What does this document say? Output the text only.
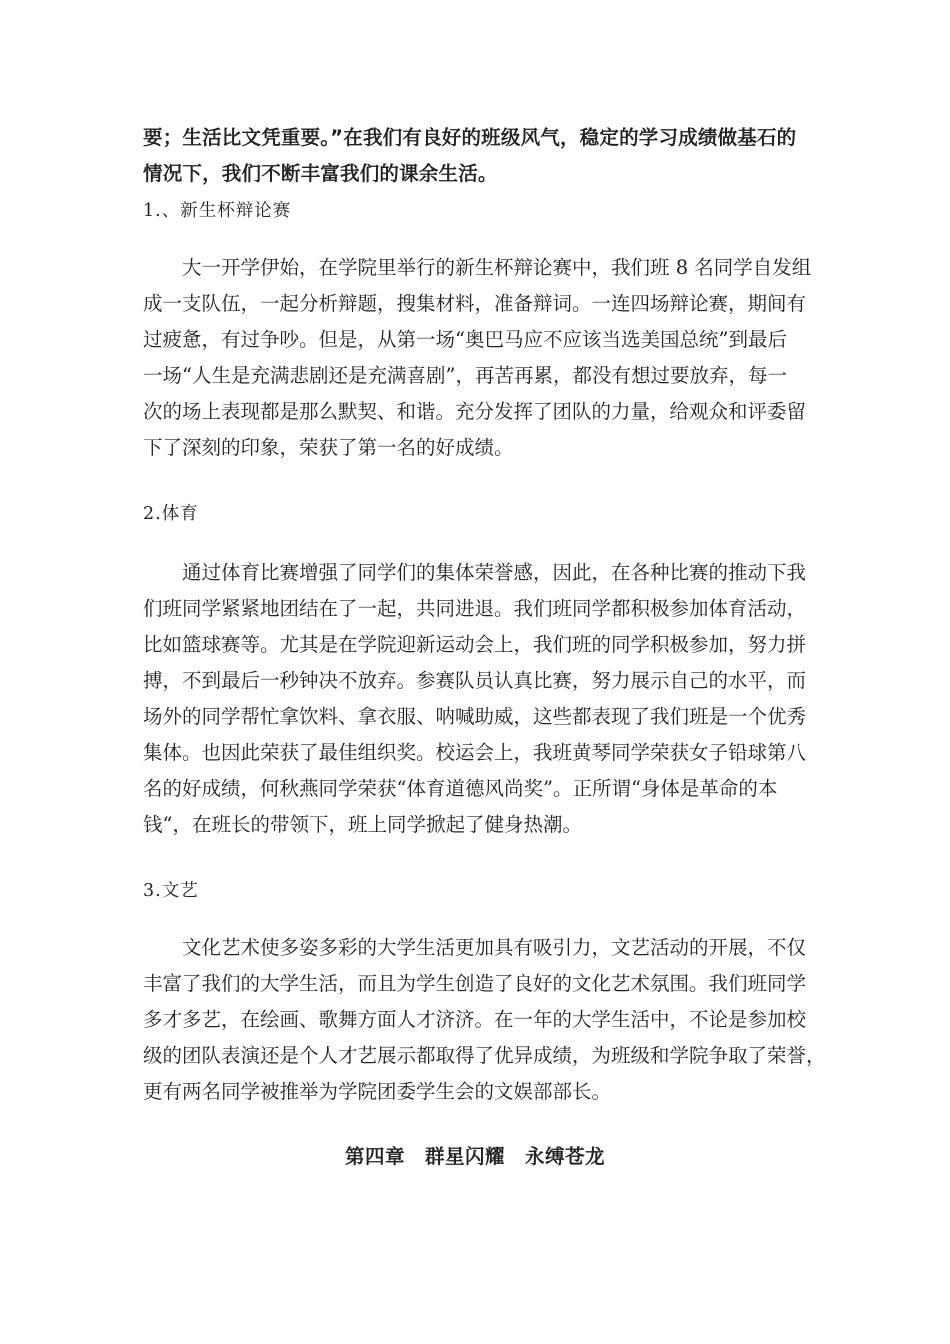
要；生活比文凭重要。”在我们有良好的班级风气，稳定的学习成绩做基石的
情况下，我们不断丰富我们的课余生活。
1.、新生杯辩论赛
大一开学伊始，在学院里举行的新生杯辩论赛中，我们班 8 名同学自发组
成一支队伍，一起分析辩题，搜集材料，准备辩词。一连四场辩论赛，期间有
过疲惫，有过争吵。但是，从第一场“奥巴马应不应该当选美国总统”到最后
一场“人生是充满悲剧还是充满喜剧”，再苦再累，都没有想过要放弃，每一
次的场上表现都是那么默契、和谐。充分发挥了团队的力量，给观众和评委留
下了深刻的印象，荣获了第一名的好成绩。
2.体育
通过体育比赛增强了同学们的集体荣誉感，因此，在各种比赛的推动下我
们班同学紧紧地团结在了一起，共同进退。我们班同学都积极参加体育活动，
比如篮球赛等。尤其是在学院迎新运动会上，我们班的同学积极参加，努力拼
搏，不到最后一秒钟决不放弃。参赛队员认真比赛，努力展示自己的水平，而
场外的同学帮忙拿饮料、拿衣服、呐喊助威，这些都表现了我们班是一个优秀
集体。也因此荣获了最佳组织奖。校运会上，我班黄琴同学荣获女子铅球第八
名的好成绩，何秋燕同学荣获“体育道德风尚奖”。正所谓“身体是革命的本
钱“，在班长的带领下，班上同学掀起了健身热潮。
3.文艺
文化艺术使多姿多彩的大学生活更加具有吸引力，文艺活动的开展，不仅
丰富了我们的大学生活，而且为学生创造了良好的文化艺术氛围。我们班同学
多才多艺，在绘画、歌舞方面人才济济。在一年的大学生活中，不论是参加校
级的团队表演还是个人才艺展示都取得了优异成绩，为班级和学院争取了荣誉，
更有两名同学被推举为学院团委学生会的文娱部部长。
第四章　群星闪耀　永缚苍龙
